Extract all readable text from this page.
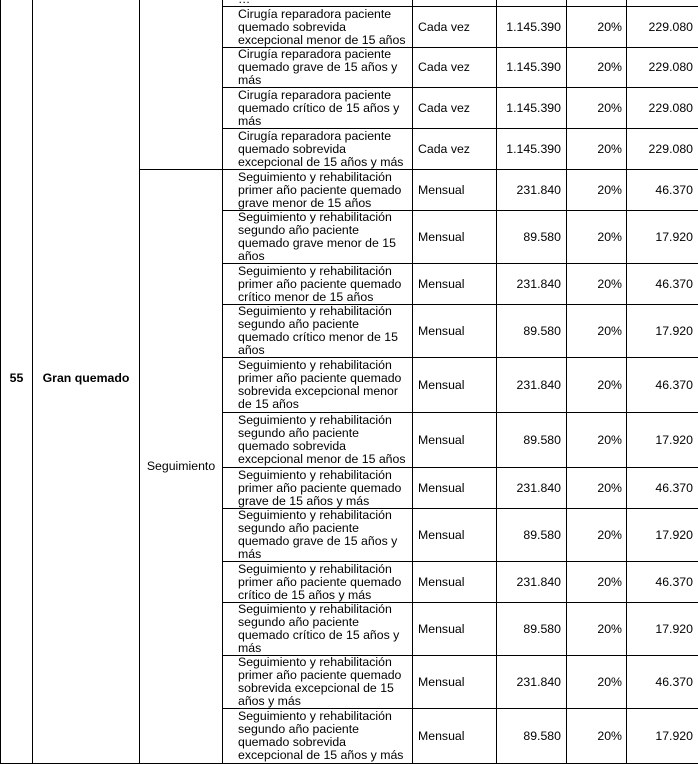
55	Gran quemado						
			Cirugía reparadora paciente quemado sobrevida excepcional menor de 15 años	Cada vez	1.145.390	20%	229.080
			Cirugía reparadora paciente quemado grave de 15 años y más	Cada vez	1.145.390	20%	229.080
			Cirugía reparadora paciente quemado crítico de 15 años y más	Cada vez	1.145.390	20%	229.080
			Cirugía reparadora paciente quemado sobrevida excepcional de 15 años y más	Cada vez	1.145.390	20%	229.080
		Seguimiento	Seguimiento y rehabilitación primer año paciente quemado grave menor de 15 años	Mensual	231.840	20%	46.370
			Seguimiento y rehabilitación segundo año paciente quemado grave menor de 15 años	Mensual	89.580	20%	17.920
			Seguimiento y rehabilitación primer año paciente quemado crítico menor de 15 años	Mensual	231.840	20%	46.370
			Seguimiento y rehabilitación segundo año paciente quemado crítico menor de 15 años	Mensual	89.580	20%	17.920
			Seguimiento y rehabilitación primer año paciente quemado sobrevida excepcional menor de 15 años	Mensual	231.840	20%	46.370
			Seguimiento y rehabilitación segundo año paciente quemado sobrevida excepcional menor de 15 años	Mensual	89.580	20%	17.920
			Seguimiento y rehabilitación primer año paciente quemado grave de 15 años y más	Mensual	231.840	20%	46.370
			Seguimiento y rehabilitación segundo año paciente quemado grave de 15 años y más	Mensual	89.580	20%	17.920
			Seguimiento y rehabilitación primer año paciente quemado crítico de 15 años y más	Mensual	231.840	20%	46.370
			Seguimiento y rehabilitación segundo año paciente quemado crítico de 15 años y más	Mensual	89.580	20%	17.920
			Seguimiento y rehabilitación primer año paciente quemado sobrevida excepcional de 15 años y más	Mensual	231.840	20%	46.370
			Seguimiento y rehabilitación segundo año paciente quemado sobrevida excepcional de 15 años y más	Mensual	89.580	20%	17.920
